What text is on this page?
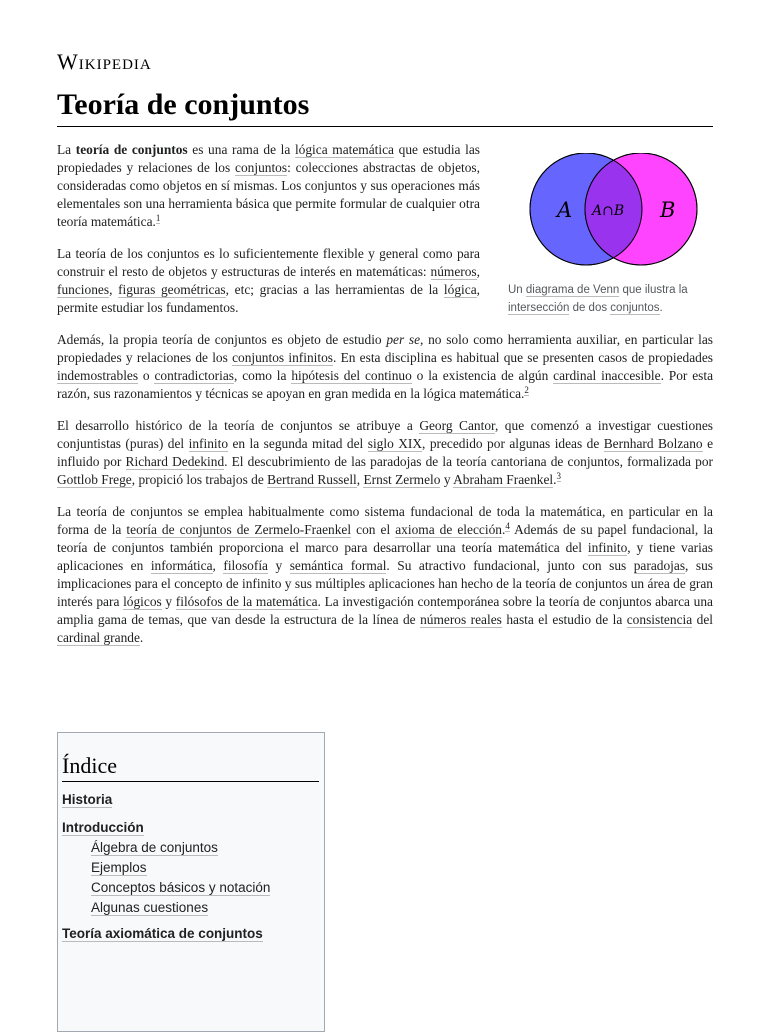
Wikipedia
Teoría de conjuntos
A A∩B B
Un diagrama de Venn que ilustra la intersección de dos conjuntos.

La teoría de conjuntos es una rama de la lógica matemática que estudia las propiedades y relaciones de los conjuntos: colecciones abstractas de objetos, consideradas como objetos en sí mismas. Los conjuntos y sus operaciones más elementales son una herramienta básica que permite formular de cualquier otra teoría matemática.$^1$

La teoría de los conjuntos es lo suficientemente flexible y general como para construir el resto de objetos y estructuras de interés en matemáticas: números, funciones, figuras geométricas, etc; gracias a las herramientas de la lógica, permite estudiar los fundamentos.

Además, la propia teoría de conjuntos es objeto de estudio per se, no solo como herramienta auxiliar, en particular las propiedades y relaciones de los conjuntos infinitos. En esta disciplina es habitual que se presenten casos de propiedades indemostrables o contradictorias, como la hipótesis del continuo o la existencia de algún cardinal inaccesible. Por esta razón, sus razonamientos y técnicas se apoyan en gran medida en la lógica matemática.$^2$

El desarrollo histórico de la teoría de conjuntos se atribuye a Georg Cantor, que comenzó a investigar cuestiones conjuntistas (puras) del infinito en la segunda mitad del siglo XIX, precedido por algunas ideas de Bernhard Bolzano e influido por Richard Dedekind. El descubrimiento de las paradojas de la teoría cantoriana de conjuntos, formalizada por Gottlob Frege, propició los trabajos de Bertrand Russell, Ernst Zermelo y Abraham Fraenkel.$^3$

La teoría de conjuntos se emplea habitualmente como sistema fundacional de toda la matemática, en particular en la forma de la teoría de conjuntos de Zermelo-Fraenkel con el axioma de elección.$^4$ Además de su papel fundacional, la teoría de conjuntos también proporciona el marco para desarrollar una teoría matemática del infinito, y tiene varias aplicaciones en informática, filosofía y semántica formal. Su atractivo fundacional, junto con sus paradojas, sus implicaciones para el concepto de infinito y sus múltiples aplicaciones han hecho de la teoría de conjuntos un área de gran interés para lógicos y filósofos de la matemática. La investigación contemporánea sobre la teoría de conjuntos abarca una amplia gama de temas, que van desde la estructura de la línea de números reales hasta el estudio de la consistencia del cardinal grande.

Índice
Historia
Introducción
Álgebra de conjuntos
Ejemplos
Conceptos básicos y notación
Algunas cuestiones
Teoría axiomática de conjuntos
